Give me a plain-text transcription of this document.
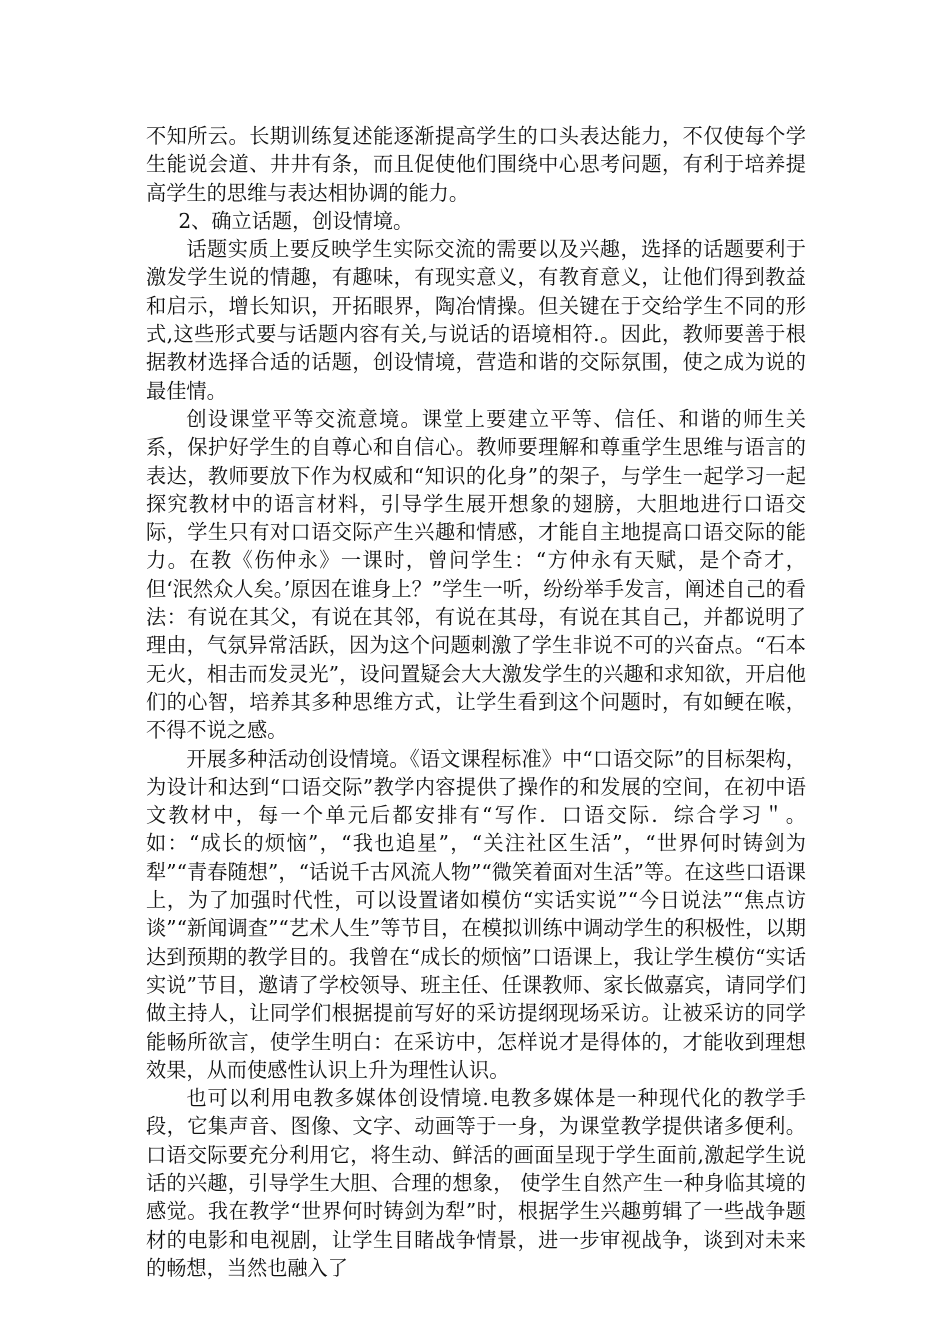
不知所云。长期训练复述能逐渐提高学生的口头表达能力，不仅使每个学生能说会道、井井有条，而且促使他们围绕中心思考问题，有利于培养提高学生的思维与表达相协调的能力。

2、确立话题，创设情境。

话题实质上要反映学生实际交流的需要以及兴趣，选择的话题要利于激发学生说的情趣，有趣味，有现实意义，有教育意义，让他们得到教益和启示，增长知识，开拓眼界，陶冶情操。但关键在于交给学生不同的形式,这些形式要与话题内容有关,与说话的语境相符.。因此，教师要善于根据教材选择合适的话题，创设情境，营造和谐的交际氛围，使之成为说的最佳情。

创设课堂平等交流意境。课堂上要建立平等、信任、和谐的师生关系，保护好学生的自尊心和自信心。教师要理解和尊重学生思维与语言的表达，教师要放下作为权威和“知识的化身”的架子，与学生一起学习一起探究教材中的语言材料，引导学生展开想象的翅膀，大胆地进行口语交际，学生只有对口语交际产生兴趣和情感，才能自主地提高口语交际的能力。在教《伤仲永》一课时，曾问学生：“方仲永有天赋，是个奇才，但‘泯然众人矣。’原因在谁身上？”学生一听，纷纷举手发言，阐述自己的看法：有说在其父，有说在其邻，有说在其母，有说在其自己，并都说明了理由，气氛异常活跃，因为这个问题刺激了学生非说不可的兴奋点。“石本无火，相击而发灵光”，设问置疑会大大激发学生的兴趣和求知欲，开启他们的心智，培养其多种思维方式，让学生看到这个问题时，有如鲠在喉，不得不说之感。

开展多种活动创设情境。《语文课程标准》中“口语交际”的目标架构，为设计和达到“口语交际”教学内容提供了操作的和发展的空间，在初中语文教材中，每一个单元后都安排有“写作．口语交际．综合学习＂。如：“成长的烦恼”，“我也追星”，“关注社区生活”，“世界何时铸剑为犁”“青春随想”，“话说千古风流人物”“微笑着面对生活”等。在这些口语课上，为了加强时代性，可以设置诸如模仿“实话实说”“今日说法”“焦点访谈”“新闻调查”“艺术人生”等节目，在模拟训练中调动学生的积极性，以期达到预期的教学目的。我曾在“成长的烦恼”口语课上，我让学生模仿“实话实说”节目，邀请了学校领导、班主任、任课教师、家长做嘉宾，请同学们做主持人，让同学们根据提前写好的采访提纲现场采访。让被采访的同学能畅所欲言，使学生明白：在采访中，怎样说才是得体的，才能收到理想效果，从而使感性认识上升为理性认识。

也可以利用电教多媒体创设情境.电教多媒体是一种现代化的教学手段，它集声音、图像、文字、动画等于一身，为课堂教学提供诸多便利。口语交际要充分利用它，将生动、鲜活的画面呈现于学生面前,激起学生说话的兴趣，引导学生大胆、合理的想象， 使学生自然产生一种身临其境的感觉。我在教学“世界何时铸剑为犁”时，根据学生兴趣剪辑了一些战争题材的电影和电视剧，让学生目睹战争情景，进一步审视战争，谈到对未来的畅想，当然也融入了
